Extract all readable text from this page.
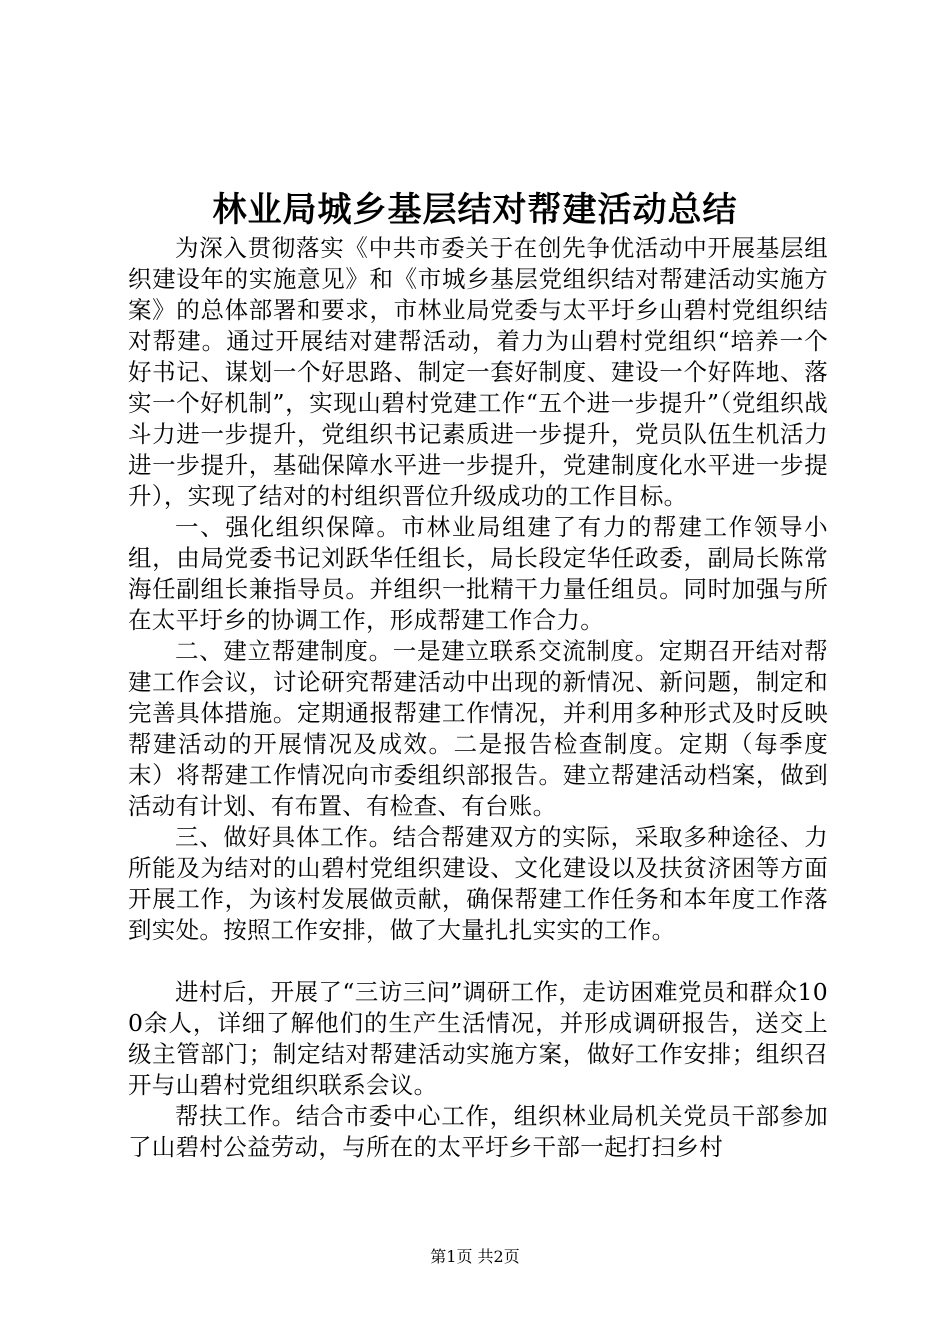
林业局城乡基层结对帮建活动总结

为深入贯彻落实《中共市委关于在创先争优活动中开展基层组织建设年的实施意见》和《市城乡基层党组织结对帮建活动实施方案》的总体部署和要求，市林业局党委与太平圩乡山碧村党组织结对帮建。通过开展结对建帮活动，着力为山碧村党组织“培养一个好书记、谋划一个好思路、制定一套好制度、建设一个好阵地、落实一个好机制”，实现山碧村党建工作“五个进一步提升”（党组织战斗力进一步提升，党组织书记素质进一步提升，党员队伍生机活力进一步提升，基础保障水平进一步提升，党建制度化水平进一步提升），实现了结对的村组织晋位升级成功的工作目标。

一、强化组织保障。市林业局组建了有力的帮建工作领导小组，由局党委书记刘跃华任组长，局长段定华任政委，副局长陈常海任副组长兼指导员。并组织一批精干力量任组员。同时加强与所在太平圩乡的协调工作，形成帮建工作合力。

二、建立帮建制度。一是建立联系交流制度。定期召开结对帮建工作会议，讨论研究帮建活动中出现的新情况、新问题，制定和完善具体措施。定期通报帮建工作情况，并利用多种形式及时反映帮建活动的开展情况及成效。二是报告检查制度。定期（每季度末）将帮建工作情况向市委组织部报告。建立帮建活动档案，做到活动有计划、有布置、有检查、有台账。

三、做好具体工作。结合帮建双方的实际，采取多种途径、力所能及为结对的山碧村党组织建设、文化建设以及扶贫济困等方面开展工作，为该村发展做贡献，确保帮建工作任务和本年度工作落到实处。按照工作安排，做了大量扎扎实实的工作。

进村后，开展了“三访三问”调研工作，走访困难党员和群众100余人，详细了解他们的生产生活情况，并形成调研报告，送交上级主管部门；制定结对帮建活动实施方案，做好工作安排；组织召开与山碧村党组织联系会议。

帮扶工作。结合市委中心工作，组织林业局机关党员干部参加了山碧村公益劳动，与所在的太平圩乡干部一起打扫乡村

第1页 共2页
